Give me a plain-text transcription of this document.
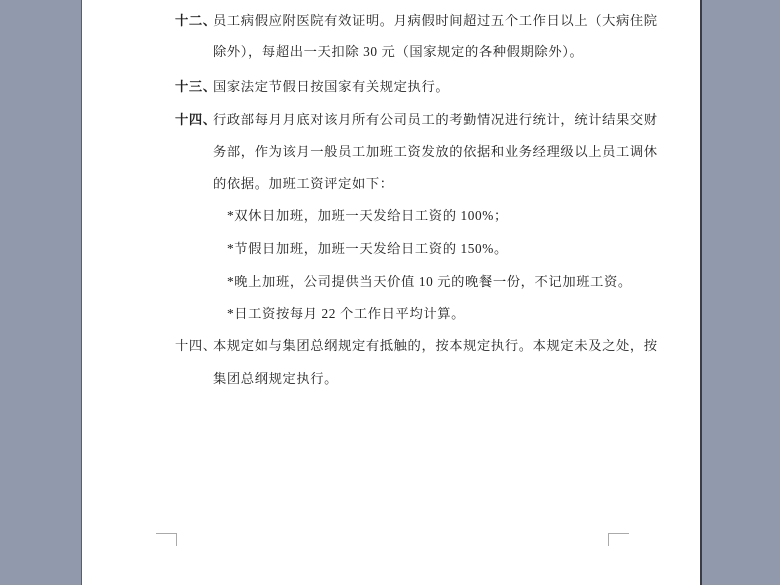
十二、
员工病假应附医院有效证明。月病假时间超过五个工作日以上（大病住院
除外），每超出一天扣除 30 元（国家规定的各种假期除外）。
十三、
国家法定节假日按国家有关规定执行。
十四、
行政部每月月底对该月所有公司员工的考勤情况进行统计，统计结果交财
务部，作为该月一般员工加班工资发放的依据和业务经理级以上员工调休
的依据。加班工资评定如下：
*双休日加班，加班一天发给日工资的 100%；
*节假日加班，加班一天发给日工资的 150%。
*晚上加班，公司提供当天价值 10 元的晚餐一份，不记加班工资。
*日工资按每月 22 个工作日平均计算。
十四、
本规定如与集团总纲规定有抵触的，按本规定执行。本规定未及之处，按
集团总纲规定执行。
